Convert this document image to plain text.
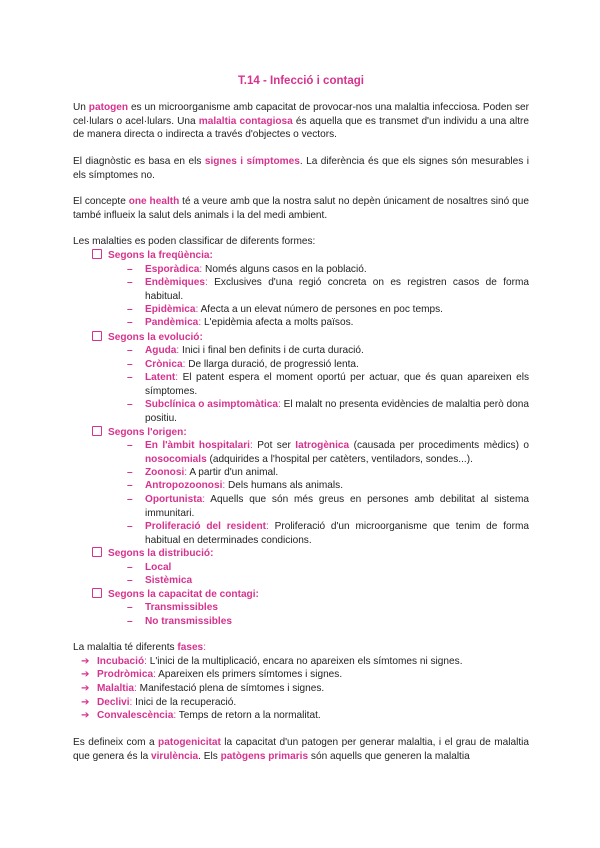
T.14 - Infecció i contagi
Un patogen es un microorganisme amb capacitat de provocar-nos una malaltia infecciosa. Poden ser cel·lulars o acel·lulars. Una malaltia contagiosa és aquella que es transmet d'un individu a una altre de manera directa o indirecta a través d'objectes o vectors.
El diagnòstic es basa en els signes i símptomes. La diferència és que els signes són mesurables i els símptomes no.
El concepte one health té a veure amb que la nostra salut no depèn únicament de nosaltres sinó que també influeix la salut dels animals i la del medi ambient.
Les malalties es poden classificar de diferents formes:
Segons la freqüència:
– Esporàdica: Només alguns casos en la població.
– Endèmiques: Exclusives d'una regió concreta on es registren casos de forma habitual.
– Epidèmica: Afecta a un elevat número de persones en poc temps.
– Pandèmica: L'epidèmia afecta a molts països.
Segons la evolució:
– Aguda: Inici i final ben definits i de curta duració.
– Crònica: De llarga duració, de progressió lenta.
– Latent: El patent espera el moment oportú per actuar, que és quan apareixen els símptomes.
– Subclínica o asimptomàtica: El malalt no presenta evidències de malaltia però dona positiu.
Segons l'origen:
– En l'àmbit hospitalari: Pot ser Iatrogènica (causada per procediments mèdics) o nosocomials (adquirides a l'hospital per catèters, ventiladors, sondes...).
– Zoonosi: A partir d'un animal.
– Antropozoonosi: Dels humans als animals.
– Oportunista: Aquells que són més greus en persones amb debilitat al sistema immunitari.
– Proliferació del resident: Proliferació d'un microorganisme que tenim de forma habitual en determinades condicions.
Segons la distribució:
– Local
– Sistèmica
Segons la capacitat de contagi:
– Transmissibles
– No transmissibles
La malaltia té diferents fases:
➔ Incubació: L'inici de la multiplicació, encara no apareixen els símtomes ni signes.
➔ Prodròmica: Apareixen els primers símtomes i signes.
➔ Malaltia: Manifestació plena de símtomes i signes.
➔ Declivi: Inici de la recuperació.
➔ Convalescència: Temps de retorn a la normalitat.
Es defineix com a patogenicitat la capacitat d'un patogen per generar malaltia, i el grau de malaltia que genera és la virulència. Els patògens primaris són aquells que generen la malaltia
